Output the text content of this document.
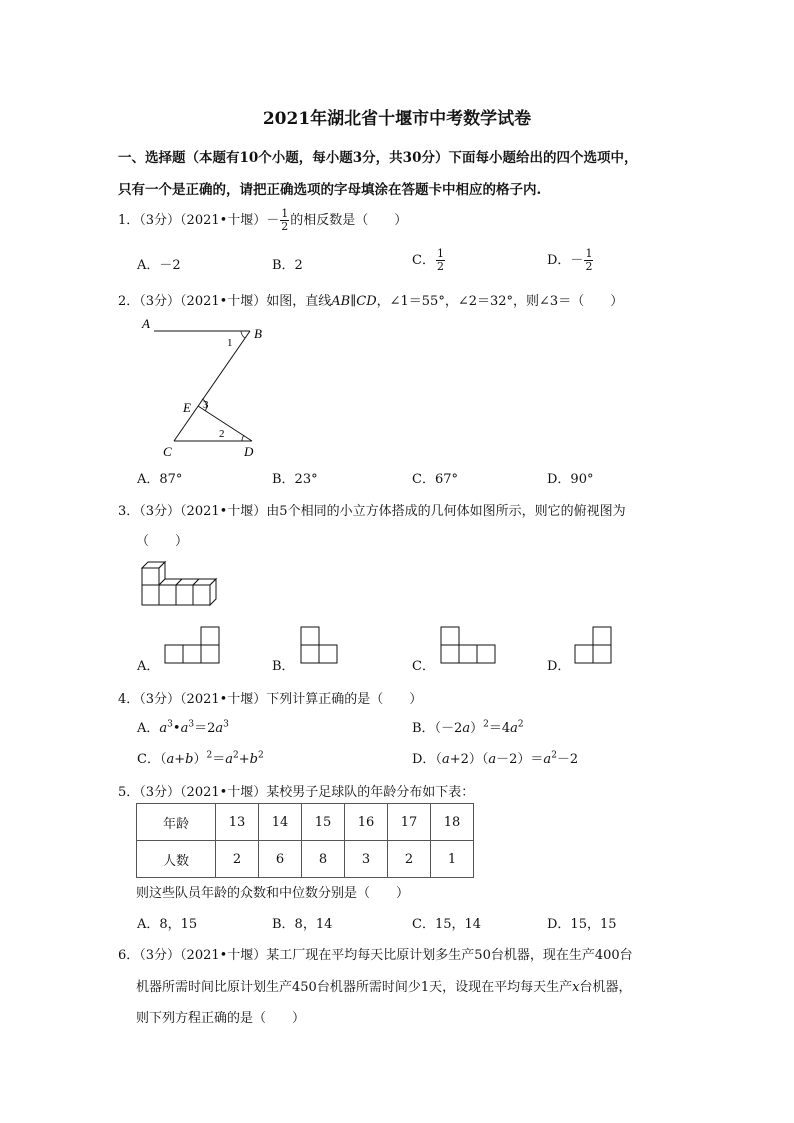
2021年湖北省十堰市中考数学试卷
一、选择题（本题有10个小题，每小题3分，共30分）下面每小题给出的四个选项中，
只有一个是正确的，请把正确选项的字母填涂在答题卡中相应的格子内.
1．（3分）（2021•十堰）－ $\frac{1}{2}$ 的相反数是（　　）
A．－2	B．2	C． $\frac{1}{2}$	D．－ $\frac{1}{2}$
2．（3分）（2021•十堰）如图，直线AB∥CD，∠1＝55°，∠2＝32°，则∠3＝（　　）
A
B
C	D
E
1
2
3
A．87°	B．23°	C．67°	D．90°
3．（3分）（2021•十堰）由5个相同的小立方体搭成的几何体如图所示，则它的俯视图为
（　　）
A．	B．	C．	D．
4．（3分）（2021•十堰）下列计算正确的是（　　）
A．$a^3•a^3=2a^3$	B．$(-2a)^2=4a^2$
C．$(a+b)^2=a^2+b^2$	D．$(a+2)(a-2)=a^2-2$
5．（3分）（2021•十堰）某校男子足球队的年龄分布如下表：
年龄	13	14	15	16	17	18
人数	2	6	8	3	2	1
则这些队员年龄的众数和中位数分别是（　　）
A．8，15	B．8，14	C．15，14	D．15，15
6．（3分）（2021•十堰）某工厂现在平均每天比原计划多生产50台机器，现在生产400台
机器所需时间比原计划生产450台机器所需时间少1天，设现在平均每天生产x台机器，
则下列方程正确的是（　　）
